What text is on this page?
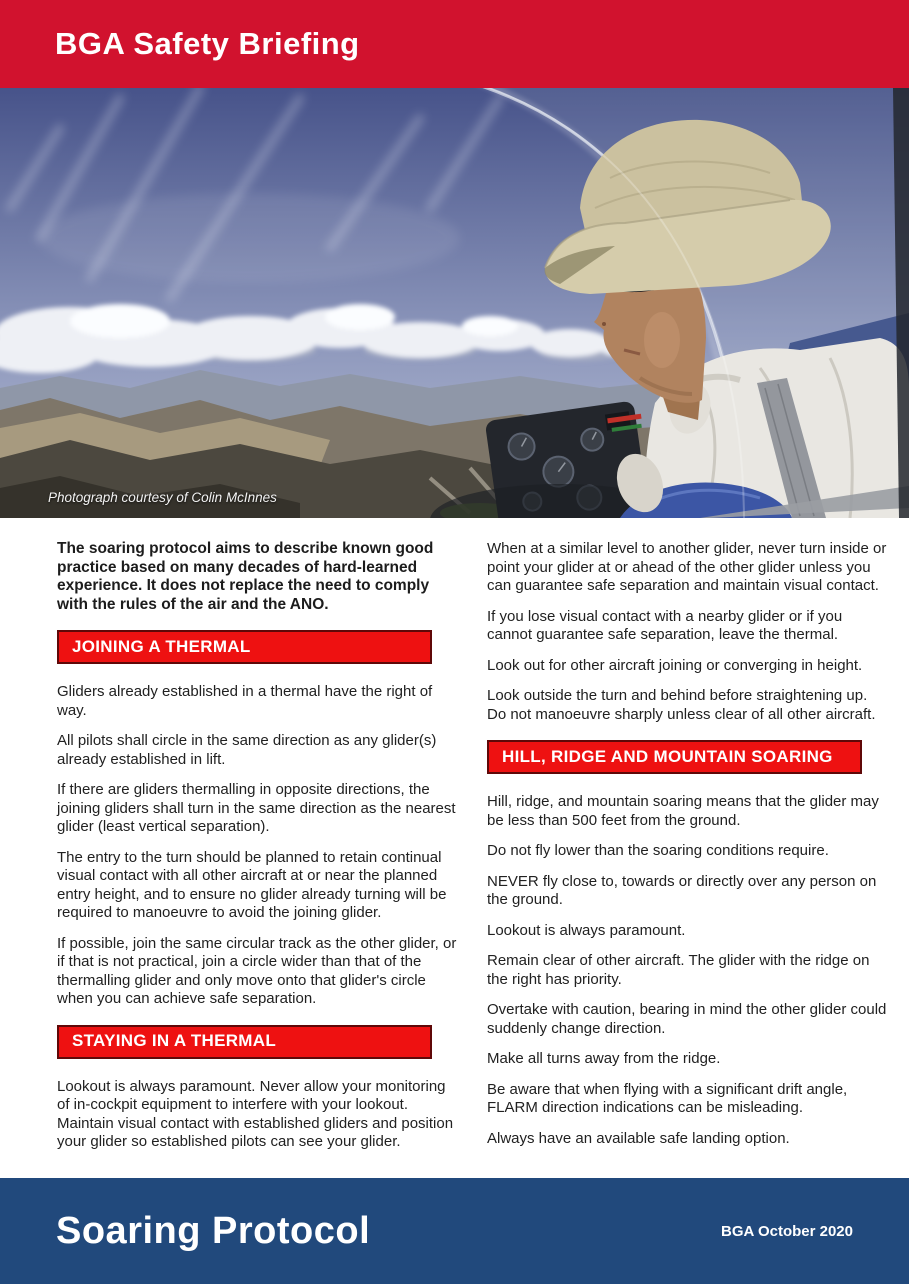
BGA Safety Briefing
Photograph courtesy of Colin McInnes

The soaring protocol aims to describe known good practice based on many decades of hard-learned experience. It does not replace the need to comply with the rules of the air and the ANO.

JOINING A THERMAL

Gliders already established in a thermal have the right of way.

All pilots shall circle in the same direction as any glider(s) already established in lift.

If there are gliders thermalling in opposite directions, the joining gliders shall turn in the same direction as the nearest glider (least vertical separation).

The entry to the turn should be planned to retain continual visual contact with all other aircraft at or near the planned entry height, and to ensure no glider already turning will be required to manoeuvre to avoid the joining glider.

If possible, join the same circular track as the other glider, or if that is not practical, join a circle wider than that of the thermalling glider and only move onto that glider's circle when you can achieve safe separation.

STAYING IN A THERMAL

Lookout is always paramount. Never allow your monitoring of in-cockpit equipment to interfere with your lookout. Maintain visual contact with established gliders and position your glider so established pilots can see your glider.

When at a similar level to another glider, never turn inside or point your glider at or ahead of the other glider unless you can guarantee safe separation and maintain visual contact.

If you lose visual contact with a nearby glider or if you cannot guarantee safe separation, leave the thermal.

Look out for other aircraft joining or converging in height.

Look outside the turn and behind before straightening up. Do not manoeuvre sharply unless clear of all other aircraft.

HILL, RIDGE AND MOUNTAIN SOARING

Hill, ridge, and mountain soaring means that the glider may be less than 500 feet from the ground.

Do not fly lower than the soaring conditions require.

NEVER fly close to, towards or directly over any person on the ground.

Lookout is always paramount.

Remain clear of other aircraft. The glider with the ridge on the right has priority.

Overtake with caution, bearing in mind the other glider could suddenly change direction.

Make all turns away from the ridge.

Be aware that when flying with a significant drift angle, FLARM direction indications can be misleading.

Always have an available safe landing option.

Soaring Protocol	BGA October 2020
